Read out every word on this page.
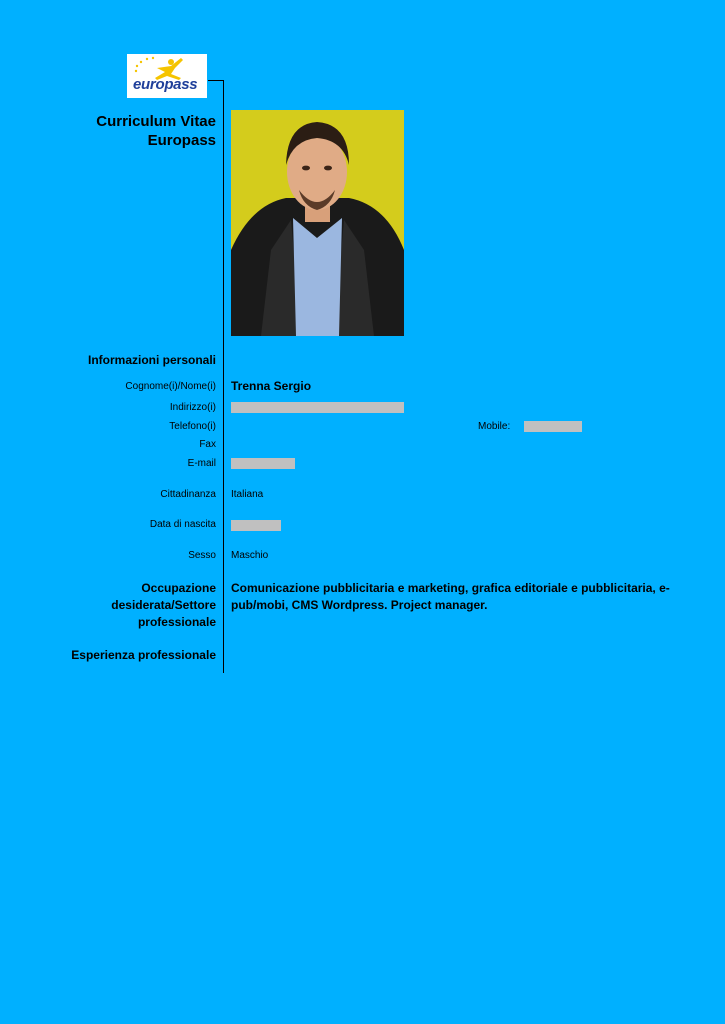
europass
Curriculum Vitae
Europass
Informazioni personali
Cognome(i)/Nome(i) Trenna Sergio
Indirizzo(i)
Telefono(i)	Mobile:
Fax
E-mail
Cittadinanza Italiana
Data di nascita
Sesso Maschio
Occupazione
desiderata/Settore
professionale
Comunicazione pubblicitaria e marketing, grafica editoriale e pubblicitaria, e-pub/mobi, CMS Wordpress. Project manager.
Esperienza professionale
